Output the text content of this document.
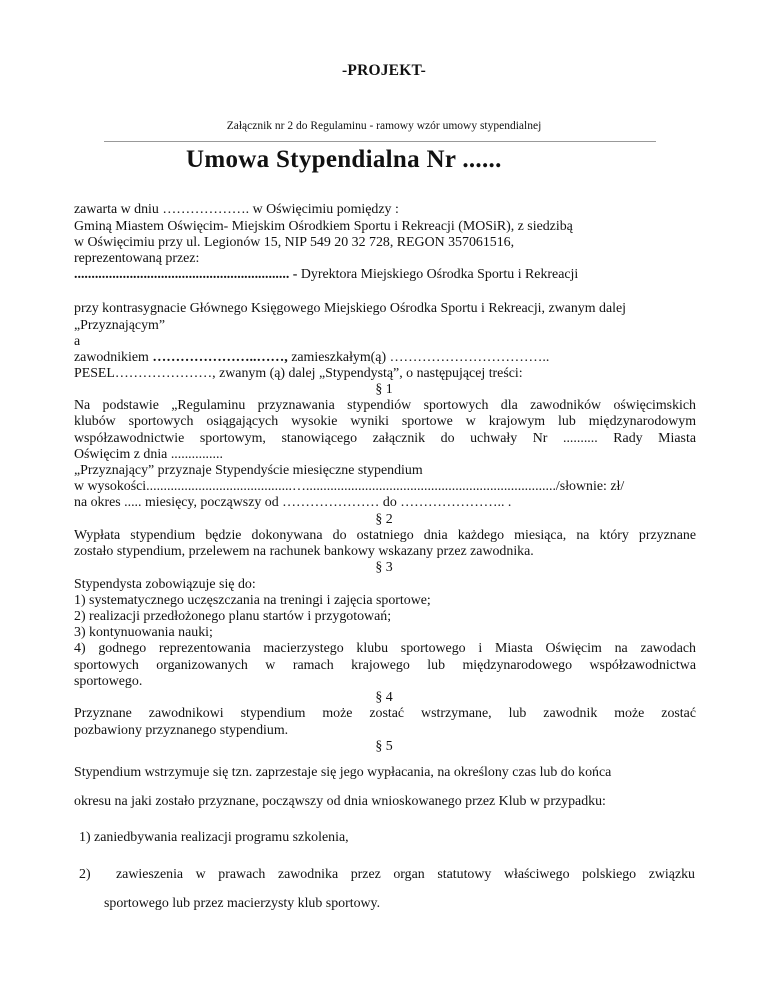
-PROJEKT-
Załącznik nr 2 do Regulaminu - ramowy wzór umowy stypendialnej
Umowa Stypendialna Nr ......
zawarta w dniu ………………. w Oświęcimiu pomiędzy :
Gminą Miastem Oświęcim- Miejskim Ośrodkiem Sportu i Rekreacji (MOSiR), z siedzibą
w Oświęcimiu przy ul. Legionów 15, NIP 549 20 32 728, REGON 357061516,
reprezentowaną przez:
.............................................................. - Dyrektora Miejskiego Ośrodka Sportu i Rekreacji
przy kontrasygnacie Głównego Księgowego Miejskiego Ośrodka Sportu i Rekreacji, zwanym dalej
„Przyznającym”
a
zawodnikiem …………………..……, zamieszkałym(ą) ……………………………..
PESEL…………………, zwanym (ą) dalej „Stypendystą”, o następującej treści:
§ 1
Na podstawie „Regulaminu przyznawania stypendiów sportowych dla zawodników oświęcimskich
klubów sportowych osiągających wysokie wyniki sportowe w krajowym lub międzynarodowym
współzawodnictwie sportowym, stanowiącego załącznik do uchwały Nr .......... Rady Miasta
Oświęcim z dnia ...............
„Przyznający” przyznaje Stypendyście miesięczne stypendium
w wysokości..........................................…......................................................................../słownie: zł/
na okres ..... miesięcy, począwszy od ………………… do ………………….. .
§ 2
Wypłata stypendium będzie dokonywana do ostatniego dnia każdego miesiąca, na który przyznane
zostało stypendium, przelewem na rachunek bankowy wskazany przez zawodnika.
§ 3
Stypendysta zobowiązuje się do:
1) systematycznego uczęszczania na treningi i zajęcia sportowe;
2) realizacji przedłożonego planu startów i przygotowań;
3) kontynuowania nauki;
4) godnego reprezentowania macierzystego klubu sportowego i Miasta Oświęcim na zawodach
sportowych organizowanych w ramach krajowego lub międzynarodowego współzawodnictwa
sportowego.
§ 4
Przyznane zawodnikowi stypendium może zostać wstrzymane, lub zawodnik może zostać
pozbawiony przyznanego stypendium.
§ 5
Stypendium wstrzymuje się tzn. zaprzestaje się jego wypłacania, na określony czas lub do końca
okresu na jaki zostało przyznane, począwszy od dnia wnioskowanego przez Klub w przypadku:
1) zaniedbywania realizacji programu szkolenia,
2) zawieszenia w prawach zawodnika przez organ statutowy właściwego polskiego związku
sportowego lub przez macierzysty klub sportowy.
